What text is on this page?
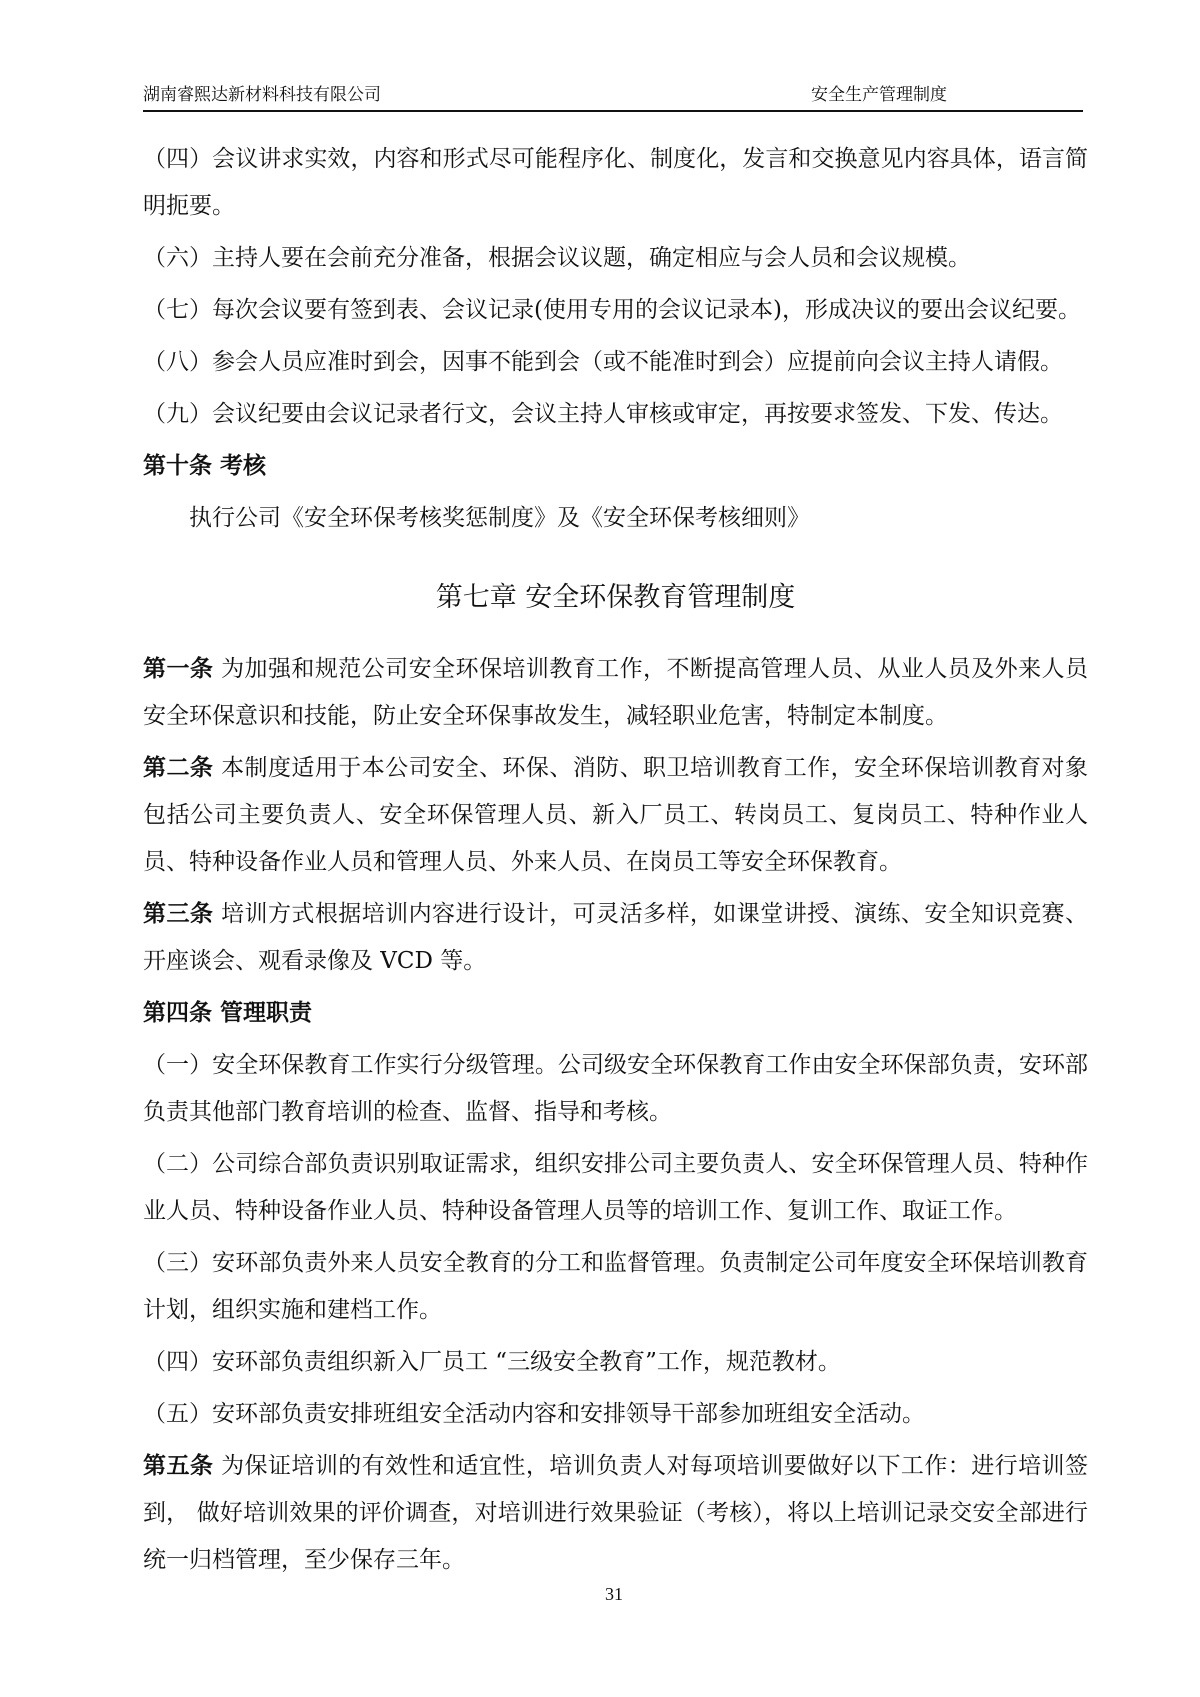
湖南睿熙达新材料科技有限公司	安全生产管理制度

（四）会议讲求实效，内容和形式尽可能程序化、制度化，发言和交换意见内容具体，语言简明扼要。

（六）主持人要在会前充分准备，根据会议议题，确定相应与会人员和会议规模。

（七）每次会议要有签到表、会议记录(使用专用的会议记录本)，形成决议的要出会议纪要。

（八）参会人员应准时到会，因事不能到会（或不能准时到会）应提前向会议主持人请假。

（九）会议纪要由会议记录者行文，会议主持人审核或审定，再按要求签发、下发、传达。

第十条 考核

执行公司《安全环保考核奖惩制度》及《安全环保考核细则》

第七章 安全环保教育管理制度

第一条 为加强和规范公司安全环保培训教育工作，不断提高管理人员、从业人员及外来人员安全环保意识和技能，防止安全环保事故发生，减轻职业危害，特制定本制度。

第二条 本制度适用于本公司安全、环保、消防、职卫培训教育工作，安全环保培训教育对象包括公司主要负责人、安全环保管理人员、新入厂员工、转岗员工、复岗员工、特种作业人员、特种设备作业人员和管理人员、外来人员、在岗员工等安全环保教育。

第三条 培训方式根据培训内容进行设计，可灵活多样，如课堂讲授、演练、安全知识竞赛、开座谈会、观看录像及 VCD 等。

第四条 管理职责

（一）安全环保教育工作实行分级管理。公司级安全环保教育工作由安全环保部负责，安环部负责其他部门教育培训的检查、监督、指导和考核。

（二）公司综合部负责识别取证需求，组织安排公司主要负责人、安全环保管理人员、特种作业人员、特种设备作业人员、特种设备管理人员等的培训工作、复训工作、取证工作。

（三）安环部负责外来人员安全教育的分工和监督管理。负责制定公司年度安全环保培训教育计划，组织实施和建档工作。

（四）安环部负责组织新入厂员工 “三级安全教育”工作，规范教材。

（五）安环部负责安排班组安全活动内容和安排领导干部参加班组安全活动。

第五条 为保证培训的有效性和适宜性，培训负责人对每项培训要做好以下工作：进行培训签到， 做好培训效果的评价调查，对培训进行效果验证（考核），将以上培训记录交安全部进行统一归档管理，至少保存三年。

31
